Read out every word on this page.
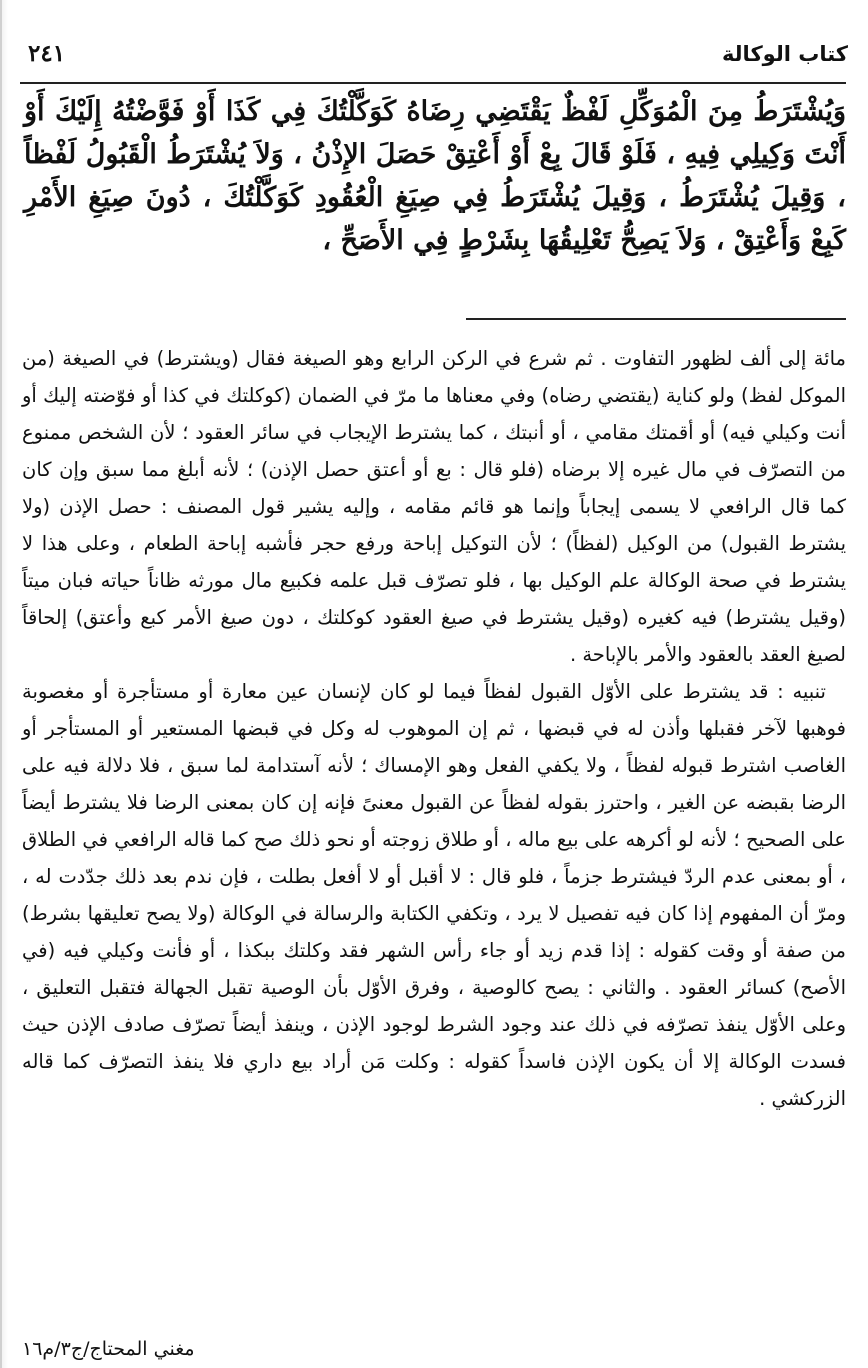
كتاب الوكالة
٢٤١
وَيُشْتَرَطُ مِنَ الْمُوَكِّلِ لَفْظٌ يَقْتَضِي رِضَاهُ كَوَكَّلْتُكَ فِي كَذَا أَوْ فَوَّضْتُهُ إِلَيْكَ أَوْ أَنْتَ وَكِيلِي فِيهِ ، فَلَوْ قَالَ بِعْ أَوْ أَعْتِقْ حَصَلَ الإِذْنُ ، وَلاَ يُشْتَرَطُ الْقَبُولُ لَفْظاً ، وَقِيلَ يُشْتَرَطُ ، وَقِيلَ يُشْتَرَطُ فِي صِيَغِ الْعُقُودِ كَوَكَّلْتُكَ ، دُونَ صِيَغِ الأَمْرِ كَبِعْ وَأَعْتِقْ ، وَلاَ يَصِحُّ تَعْلِيقُهَا بِشَرْطٍ فِي الأَصَحِّ ،

مائة إلى ألف لظهور التفاوت . ثم شرع في الركن الرابع وهو الصيغة فقال (ويشترط) في الصيغة (من الموكل لفظ) ولو كناية (يقتضي رضاه) وفي معناها ما مرّ في الضمان (كوكلتك في كذا أو فوّضته إليك أو أنت وكيلي فيه) أو أقمتك مقامي ، أو أنبتك ، كما يشترط الإيجاب في سائر العقود ؛ لأن الشخص ممنوع من التصرّف في مال غيره إلا برضاه (فلو قال : بع أو أعتق حصل الإذن) ؛ لأنه أبلغ مما سبق وإن كان كما قال الرافعي لا يسمى إيجاباً وإنما هو قائم مقامه ، وإليه يشير قول المصنف : حصل الإذن (ولا يشترط القبول) من الوكيل (لفظاً) ؛ لأن التوكيل إباحة ورفع حجر فأشبه إباحة الطعام ، وعلى هذا لا يشترط في صحة الوكالة علم الوكيل بها ، فلو تصرّف قبل علمه فكبيع مال مورثه ظاناً حياته فبان ميتاً (وقيل يشترط) فيه كغيره (وقيل يشترط في صيغ العقود كوكلتك ، دون صيغ الأمر كبع وأعتق) إلحاقاً لصيغ العقد بالعقود والأمر بالإباحة .

تنبيه : قد يشترط على الأوّل القبول لفظاً فيما لو كان لإنسان عين معارة أو مستأجرة أو مغصوبة فوهبها لآخر فقبلها وأذن له في قبضها ، ثم إن الموهوب له وكل في قبضها المستعير أو المستأجر أو الغاصب اشترط قبوله لفظاً ، ولا يكفي الفعل وهو الإمساك ؛ لأنه آستدامة لما سبق ، فلا دلالة فيه على الرضا بقبضه عن الغير ، واحترز بقوله لفظاً عن القبول معنىً فإنه إن كان بمعنى الرضا فلا يشترط أيضاً على الصحيح ؛ لأنه لو أكرهه على بيع ماله ، أو طلاق زوجته أو نحو ذلك صح كما قاله الرافعي في الطلاق ، أو بمعنى عدم الردّ فيشترط جزماً ، فلو قال : لا أقبل أو لا أفعل بطلت ، فإن ندم بعد ذلك جدّدت له ، ومرّ أن المفهوم إذا كان فيه تفصيل لا يرد ، وتكفي الكتابة والرسالة في الوكالة (ولا يصح تعليقها بشرط) من صفة أو وقت كقوله : إذا قدم زيد أو جاء رأس الشهر فقد وكلتك ببكذا ، أو فأنت وكيلي فيه (في الأصح) كسائر العقود . والثاني : يصح كالوصية ، وفرق الأوّل بأن الوصية تقبل الجهالة فتقبل التعليق ، وعلى الأوّل ينفذ تصرّفه في ذلك عند وجود الشرط لوجود الإذن ، وينفذ أيضاً تصرّف صادف الإذن حيث فسدت الوكالة إلا أن يكون الإذن فاسداً كقوله : وكلت مَن أراد بيع داري فلا ينفذ التصرّف كما قاله الزركشي .

مغني المحتاج/ج٣/م١٦
